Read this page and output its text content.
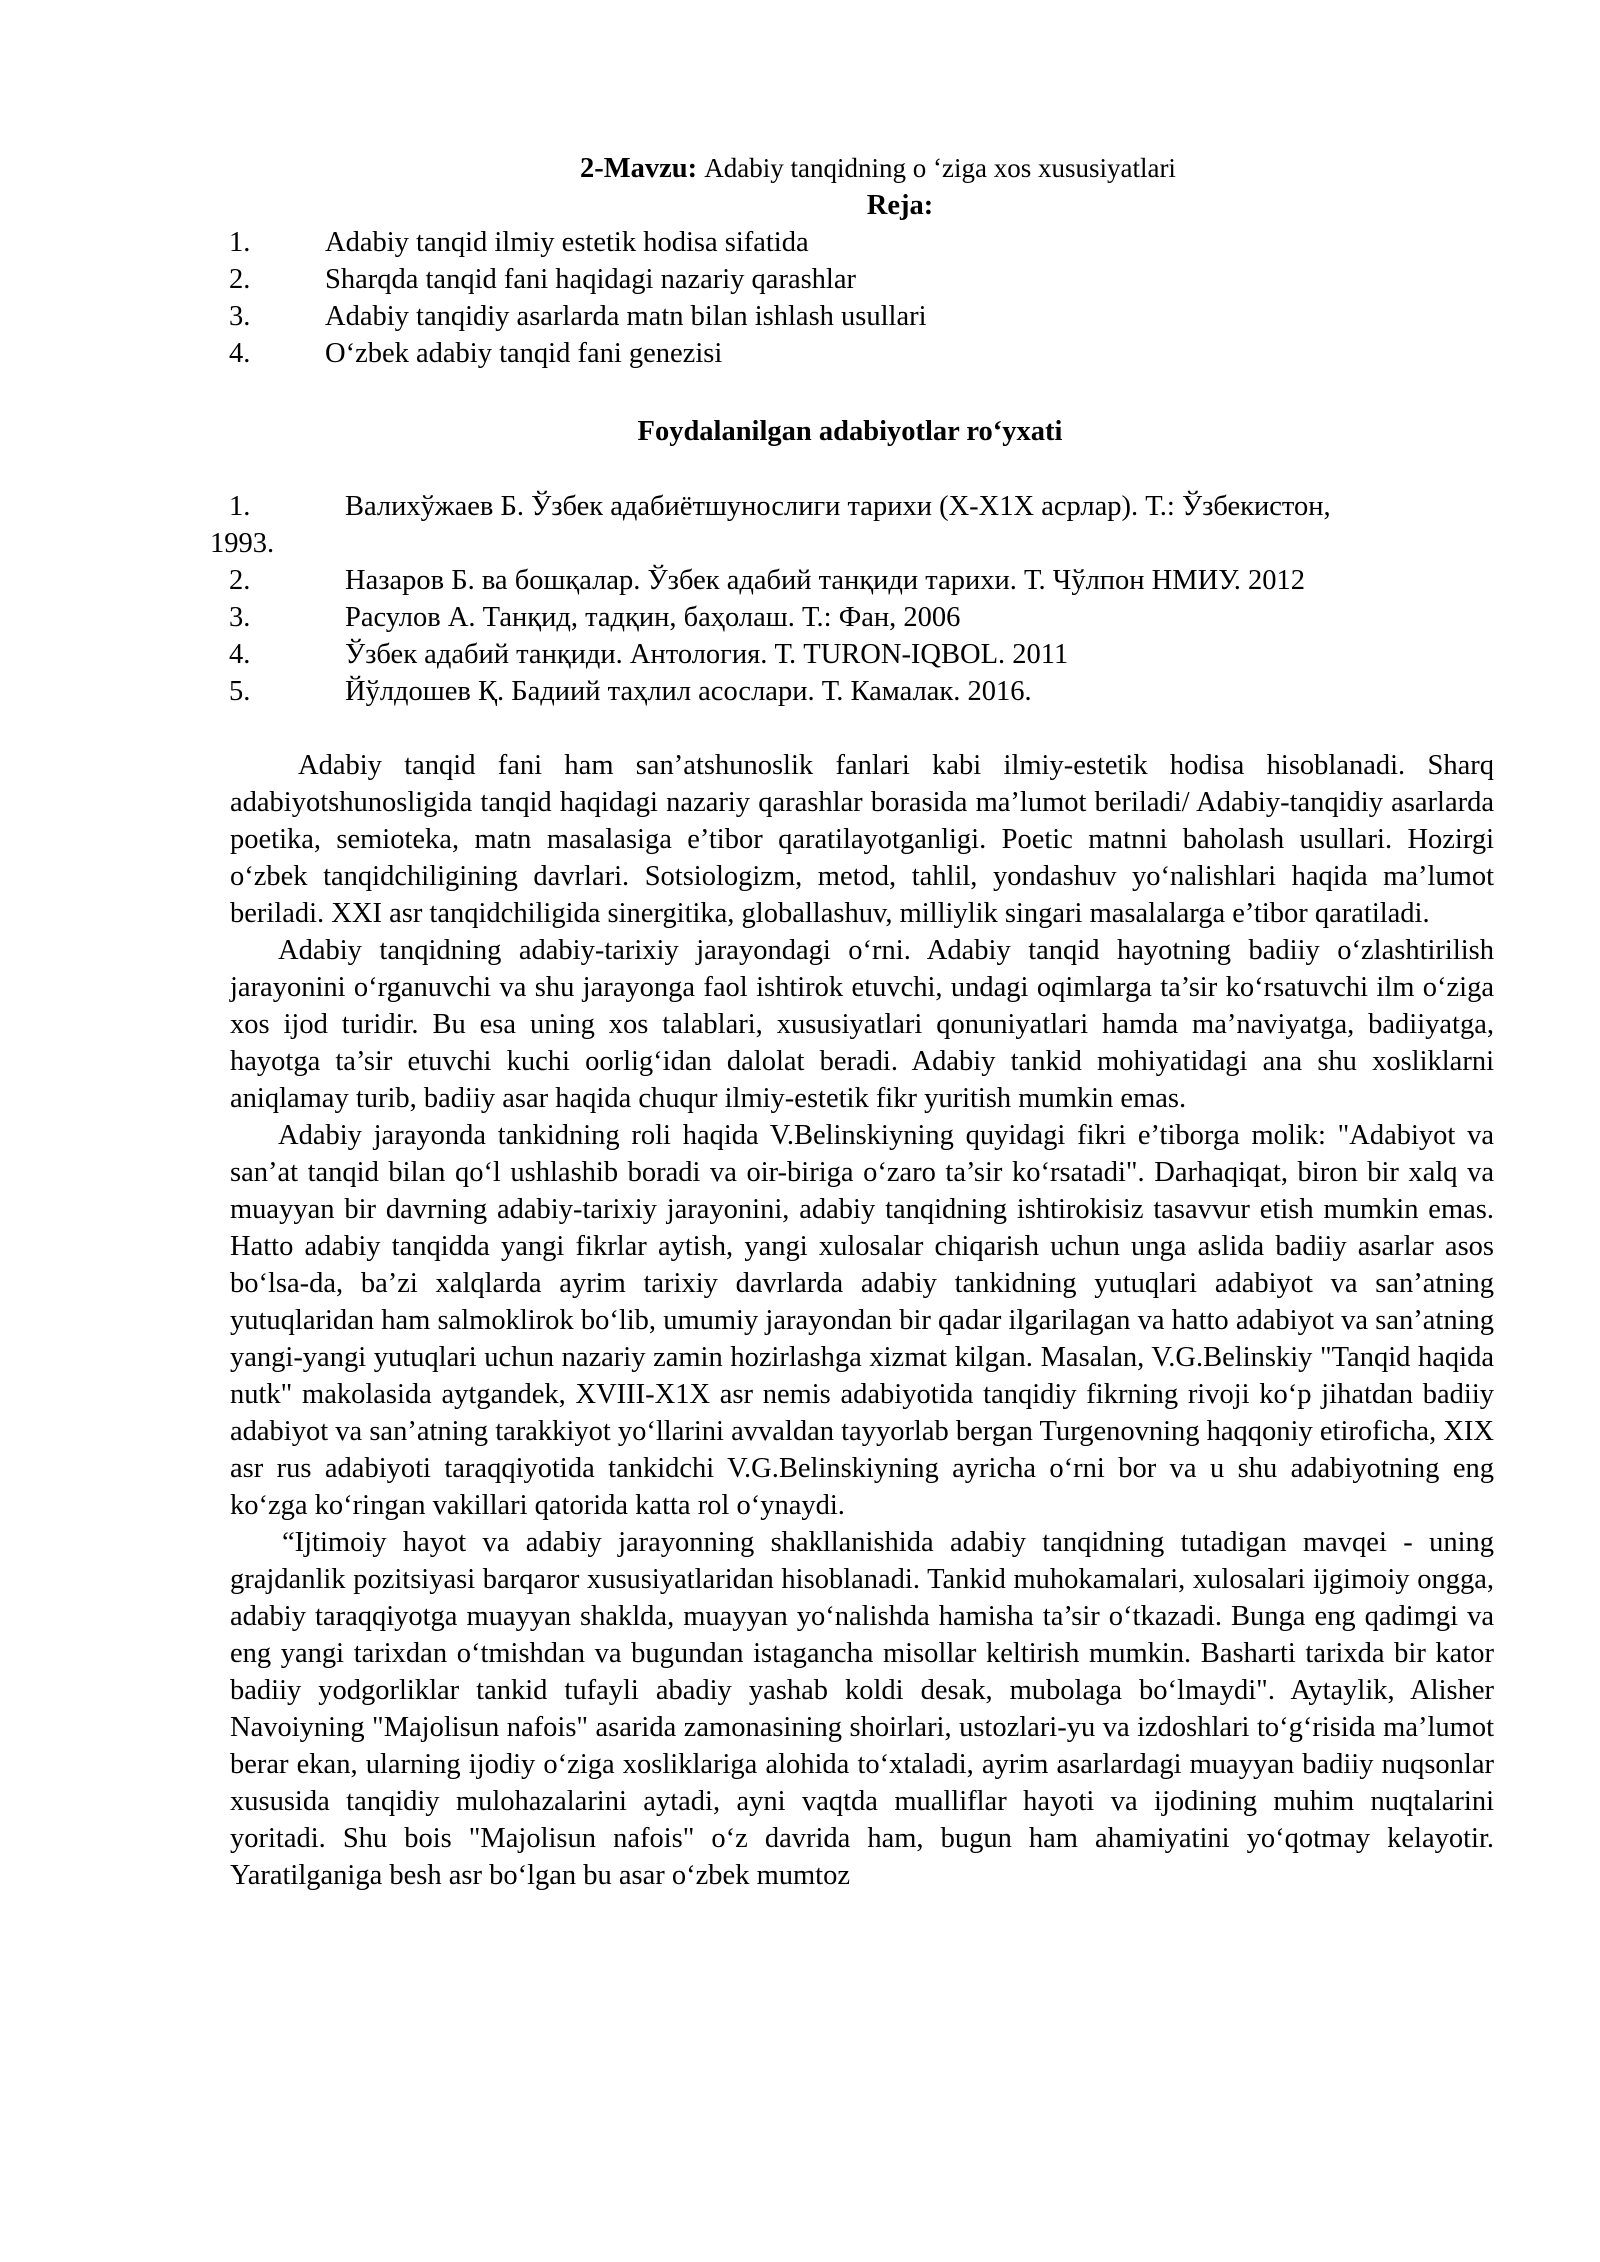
2-Mavzu: Adabiy tanqidning o ‘ziga xos xususiyatlari
Reja:
1.	Adabiy tanqid ilmiy estetik hodisa sifatida
2.	Sharqda tanqid fani haqidagi nazariy qarashlar
3.	Adabiy tanqidiy asarlarda matn bilan ishlash usullari
4.	O‘zbek adabiy tanqid fani genezisi
Foydalanilgan adabiyotlar ro‘yxati
1.	Валихўжаев Б. Ўзбек адабиётшунослиги тарихи (Х-Х1Х асрлар). Т.: Ўзбекистон,
1993.
2.	Назаров Б. ва бошқалар. Ўзбек адабий танқиди тарихи. Т. Чўлпон НМИУ. 2012
3.	Расулов А. Танқид, тадқин, баҳолаш. Т.: Фан, 2006
4.	Ўзбек адабий танқиди. Антология. Т. TURON-IQBOL. 2011
5.	Йўлдошев Қ. Бадиий таҳлил асослари. Т. Камалак. 2016.

Adabiy tanqid fani ham san’atshunoslik fanlari kabi ilmiy-estetik hodisa hisoblanadi. Sharq adabiyotshunosligida tanqid haqidagi nazariy qarashlar borasida ma’lumot beriladi/ Adabiy-tanqidiy asarlarda poetika, semioteka, matn masalasiga e’tibor qaratilayotganligi. Poetic matnni baholash usullari. Hozirgi o‘zbek tanqidchiligining davrlari. Sotsiologizm, metod, tahlil, yondashuv yo‘nalishlari haqida ma’lumot beriladi. XXI asr tanqidchiligida sinergitika, globallashuv, milliylik singari masalalarga e’tibor qaratiladi.

Adabiy tanqidning adabiy-tarixiy jarayondagi o‘rni. Adabiy tanqid hayotning badiiy o‘zlashtirilish jarayonini o‘rganuvchi va shu jarayonga faol ishtirok etuvchi, undagi oqimlarga ta’sir ko‘rsatuvchi ilm o‘ziga xos ijod turidir. Bu esa uning xos talablari, xususiyatlari qonuniyatlari hamda ma’naviyatga, badiiyatga, hayotga ta’sir etuvchi kuchi oorlig‘idan dalolat beradi. Adabiy tankid mohiyatidagi ana shu xosliklarni aniqlamay turib, badiiy asar haqida chuqur ilmiy-estetik fikr yuritish mumkin emas.

Adabiy jarayonda tankidning roli haqida V.Belinskiyning quyidagi fikri e’tiborga molik: "Adabiyot va san’at tanqid bilan qo‘l ushlashib boradi va oir-biriga o‘zaro ta’sir ko‘rsatadi". Darhaqiqat, biron bir xalq va muayyan bir davrning adabiy-tarixiy jarayonini, adabiy tanqidning ishtirokisiz tasavvur etish mumkin emas. Hatto adabiy tanqidda yangi fikrlar aytish, yangi xulosalar chiqarish uchun unga aslida badiiy asarlar asos bo‘lsa-da, ba’zi xalqlarda ayrim tarixiy davrlarda adabiy tankidning yutuqlari adabiyot va san’atning yutuqlaridan ham salmoklirok bo‘lib, umumiy jarayondan bir qadar ilgarilagan va hatto adabiyot va san’atning yangi-yangi yutuqlari uchun nazariy zamin hozirlashga xizmat kilgan. Masalan, V.G.Belinskiy "Tanqid haqida nutk" makolasida aytgandek, XVIII-X1X asr nemis adabiyotida tanqidiy fikrning rivoji ko‘p jihatdan badiiy adabiyot va san’atning tarakkiyot yo‘llarini avvaldan tayyorlab bergan Turgenovning haqqoniy etiroficha, XIX asr rus adabiyoti taraqqiyotida tankidchi V.G.Belinskiyning ayricha o‘rni bor va u shu adabiyotning eng ko‘zga ko‘ringan vakillari qatorida katta rol o‘ynaydi.

“Ijtimoiy hayot va adabiy jarayonning shakllanishida adabiy tanqidning tutadigan mavqei - uning grajdanlik pozitsiyasi barqaror xususiyatlaridan hisoblanadi. Tankid muhokamalari, xulosalari ijgimoiy ongga, adabiy taraqqiyotga muayyan shaklda, muayyan yo‘nalishda hamisha ta’sir o‘tkazadi. Bunga eng qadimgi va eng yangi tarixdan o‘tmishdan va bugundan istagancha misollar keltirish mumkin. Basharti tarixda bir kator badiiy yodgorliklar tankid tufayli abadiy yashab koldi desak, mubolaga bo‘lmaydi". Aytaylik, Alisher Navoiyning "Majolisun nafois" asarida zamonasining shoirlari, ustozlari-yu va izdoshlari to‘g‘risida ma’lumot berar ekan, ularning ijodiy o‘ziga xosliklariga alohida to‘xtaladi, ayrim asarlardagi muayyan badiiy nuqsonlar xususida tanqidiy mulohazalarini aytadi, ayni vaqtda mualliflar hayoti va ijodining muhim nuqtalarini yoritadi. Shu bois "Majolisun nafois" o‘z davrida ham, bugun ham ahamiyatini yo‘qotmay kelayotir. Yaratilganiga besh asr bo‘lgan bu asar o‘zbek mumtoz
